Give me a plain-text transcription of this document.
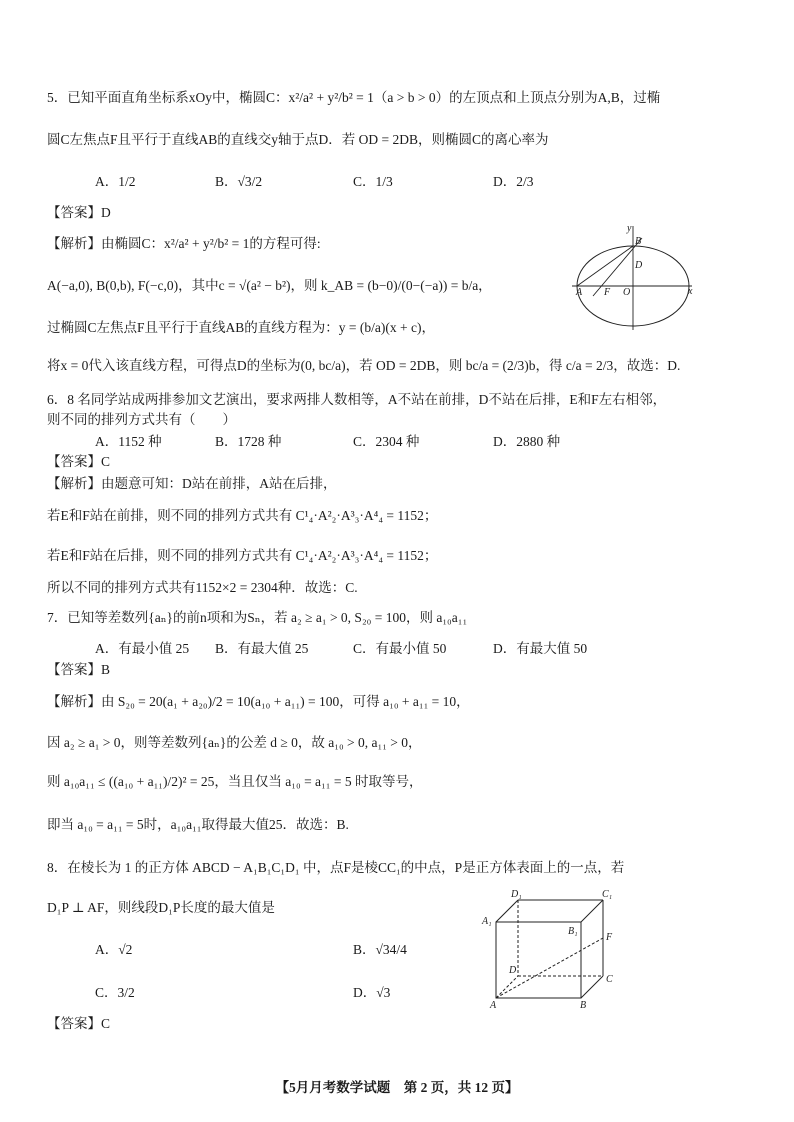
5．已知平面直角坐标系xOy中，椭圆C：x²/a² + y²/b² = 1（a > b > 0）的左顶点和上顶点分别为A,B，过椭
圆C左焦点F且平行于直线AB的直线交y轴于点D．若 OD = 2DB，则椭圆C的离心率为
A．1/2	B．√3/2	C．1/3	D．2/3
【答案】D
【解析】由椭圆C：x²/a² + y²/b² = 1的方程可得:
A(−a,0), B(0,b), F(−c,0)，其中c = √(a² − b²)，则 k_AB = (b−0)/(0−(−a)) = b/a，
过椭圆C左焦点F且平行于直线AB的直线方程为：y = (b/a)(x + c)，
将x = 0代入该直线方程，可得点D的坐标为(0, bc/a)，若 OD = 2DB，则 bc/a = (2/3)b，得 c/a = 2/3，故选：D.
y
B
D
A F O	x
6．8 名同学站成两排参加文艺演出，要求两排人数相等，A不站在前排，D不站在后排，E和F左右相邻，
则不同的排列方式共有（　　）
A．1152 种	B．1728 种	C．2304 种	D．2880 种
【答案】C
【解析】由题意可知：D站在前排，A站在后排，
若E和F站在前排，则不同的排列方式共有 C¹₄·A²₂·A³₃·A⁴₄ = 1152；
若E和F站在后排，则不同的排列方式共有 C¹₄·A²₂·A³₃·A⁴₄ = 1152；
所以不同的排列方式共有1152×2 = 2304种．故选：C.
7．已知等差数列{aₙ}的前n项和为Sₙ，若 a₂ ≥ a₁ > 0, S₂₀ = 100，则 a₁₀a₁₁
A．有最小值 25 B．有最大值 25	C．有最小值 50	D．有最大值 50
【答案】B
【解析】由 S₂₀ = 20(a₁ + a₂₀)/2 = 10(a₁₀ + a₁₁) = 100，可得 a₁₀ + a₁₁ = 10，
因 a₂ ≥ a₁ > 0，则等差数列{aₙ}的公差 d ≥ 0，故 a₁₀ > 0, a₁₁ > 0，
则 a₁₀a₁₁ ≤ ((a₁₀ + a₁₁)/2)² = 25，当且仅当 a₁₀ = a₁₁ = 5 时取等号，
即当 a₁₀ = a₁₁ = 5时，a₁₀a₁₁取得最大值25．故选：B.
8．在棱长为 1 的正方体 ABCD − A₁B₁C₁D₁ 中，点F是棱CC₁的中点，P是正方体表面上的一点，若
D₁P ⊥ AF，则线段D₁P长度的最大值是
A．√2	B．√34/4
C．3/2	D．√3
【答案】C
D₁	C₁
A₁
B₁
F
D
C
A	B
【5月月考数学试题　第 2 页，共 12 页】
